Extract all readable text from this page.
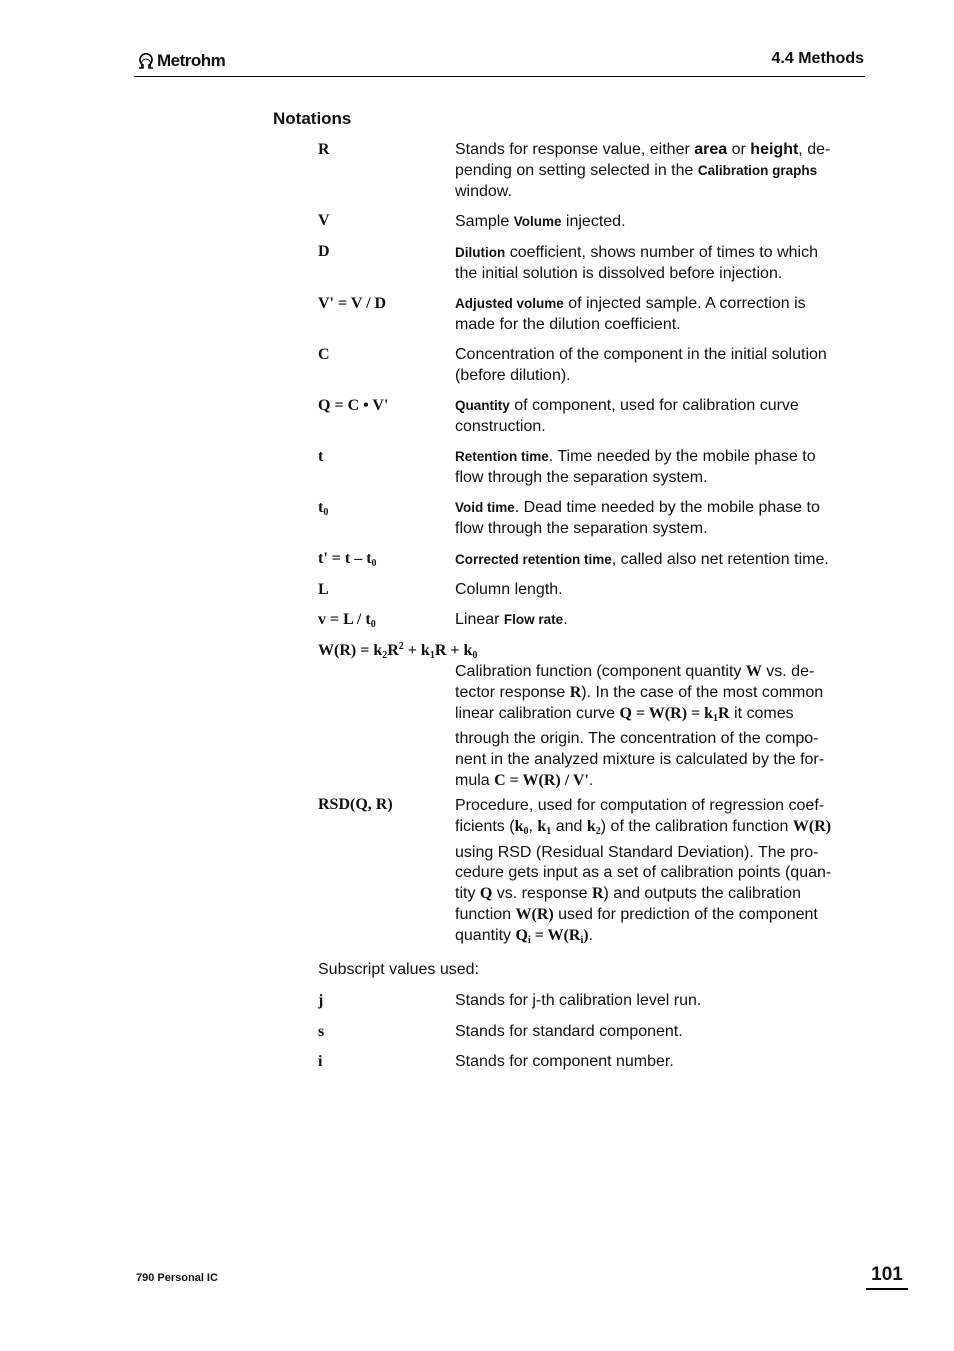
Metrohm	4.4 Methods
Notations
R	Stands for response value, either area or height, de-
pending on setting selected in the Calibration graphs
window.
V	Sample Volume injected.
D	Dilution coefficient, shows number of times to which
the initial solution is dissolved before injection.
V' = V / D	Adjusted volume of injected sample. A correction is
made for the dilution coefficient.
C	Concentration of the component in the initial solution
(before dilution).
Q = C • V'	Quantity of component, used for calibration curve
construction.
t	Retention time. Time needed by the mobile phase to
flow through the separation system.
$t_0$	Void time. Dead time needed by the mobile phase to
flow through the separation system.
$t' = t - t_0$	Corrected retention time, called also net retention time.
L	Column length.
$v = L / t_0$	Linear Flow rate.
$W(R) = k_2R^2 + k_1R + k_0$
Calibration function (component quantity W vs. de-
tector response R). In the case of the most common
linear calibration curve $Q = W(R) = k_1R$ it comes
through the origin. The concentration of the compo-
nent in the analyzed mixture is calculated by the for-
mula C = W(R) / V'.
RSD(Q, R)	Procedure, used for computation of regression coef-
ficients ($k_0$, $k_1$ and $k_2$) of the calibration function W(R)
using RSD (Residual Standard Deviation). The pro-
cedure gets input as a set of calibration points (quan-
tity Q vs. response R) and outputs the calibration
function W(R) used for prediction of the component
quantity $Q_i = W(R_i)$.
Subscript values used:
j	Stands for j-th calibration level run.
s	Stands for standard component.
i	Stands for component number.
790 Personal IC	101
